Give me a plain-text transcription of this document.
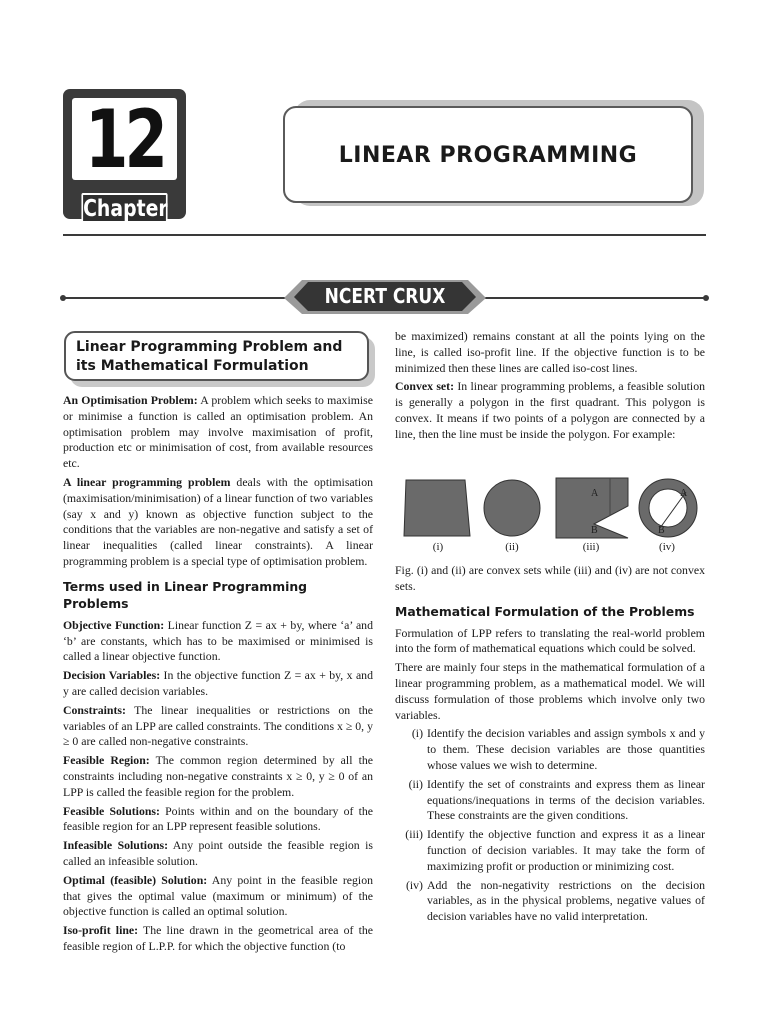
12
Chapter
LINEAR PROGRAMMING
NCERT CRUX
Linear Programming Problem and its Mathematical Formulation

An Optimisation Problem: A problem which seeks to maximise or minimise a function is called an optimisation problem. An optimisation problem may involve maximisation of profit, production etc or minimisation of cost, from available resources etc.

A linear programming problem deals with the optimisation (maximisation/minimisation) of a linear function of two variables (say x and y) known as objective function subject to the conditions that the variables are non-negative and satisfy a set of linear inequalities (called linear constraints). A linear programming problem is a special type of optimisation problem.

Terms used in Linear Programming Problems

Objective Function: Linear function Z = ax + by, where ‘a’ and ‘b’ are constants, which has to be maximised or minimised is called a linear objective function.

Decision Variables: In the objective function Z = ax + by, x and y are called decision variables.

Constraints: The linear inequalities or restrictions on the variables of an LPP are called constraints. The conditions x ≥ 0, y ≥ 0 are called non-negative constraints.

Feasible Region: The common region determined by all the constraints including non-negative constraints x ≥ 0, y ≥ 0 of an LPP is called the feasible region for the problem.

Feasible Solutions: Points within and on the boundary of the feasible region for an LPP represent feasible solutions.

Infeasible Solutions: Any point outside the feasible region is called an infeasible solution.

Optimal (feasible) Solution: Any point in the feasible region that gives the optimal value (maximum or minimum) of the objective function is called an optimal solution.

Iso-profit line: The line drawn in the geometrical area of the feasible region of L.P.P. for which the objective function (to

be maximized) remains constant at all the points lying on the line, is called iso-profit line. If the objective function is to be minimized then these lines are called iso-cost lines.

Convex set: In linear programming problems, a feasible solution is generally a polygon in the first quadrant. This polygon is convex. It means if two points of a polygon are connected by a line, then the line must be inside the polygon. For example:

A
B
A
B
(i)	(ii)	(iii)	(iv)

Fig. (i) and (ii) are convex sets while (iii) and (iv) are not convex sets.

Mathematical Formulation of the Problems

Formulation of LPP refers to translating the real-world problem into the form of mathematical equations which could be solved.

There are mainly four steps in the mathematical formulation of a linear programming problem, as a mathematical model. We will discuss formulation of those problems which involve only two variables.

(i) Identify the decision variables and assign symbols x and y to them. These decision variables are those quantities whose values we wish to determine.
(ii) Identify the set of constraints and express them as linear equations/inequations in terms of the decision variables. These constraints are the given conditions.
(iii) Identify the objective function and express it as a linear function of decision variables. It may take the form of maximizing profit or production or minimizing cost.
(iv) Add the non-negativity restrictions on the decision variables, as in the physical problems, negative values of decision variables have no valid interpretation.
